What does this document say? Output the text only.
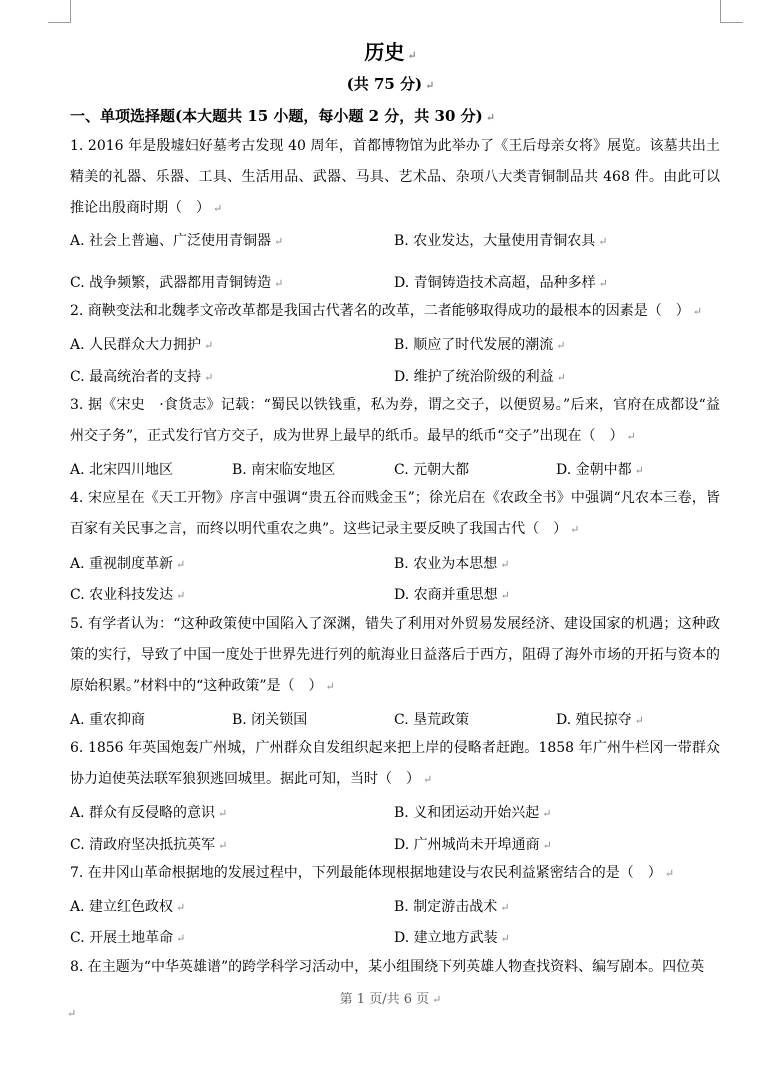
历史 ↵
(共 75 分) ↵
一、单项选择题(本大题共 15 小题，每小题 2 分，共 30 分) ↵
1. 2016 年是殷墟妇好墓考古发现 40 周年，首都博物馆为此举办了《王后母亲女将》展览。该墓共出土精美的礼器、乐器、工具、生活用品、武器、马具、艺术品、杂项八大类青铜制品共 468 件。由此可以推论出殷商时期（　） ↵
A. 社会上普遍、广泛使用青铜器 ↵	B. 农业发达，大量使用青铜农具 ↵
C. 战争频繁，武器都用青铜铸造 ↵	D. 青铜铸造技术高超，品种多样 ↵
2. 商鞅变法和北魏孝文帝改革都是我国古代著名的改革，二者能够取得成功的最根本的因素是（　） ↵
A. 人民群众大力拥护 ↵	B. 顺应了时代发展的潮流 ↵
C. 最高统治者的支持 ↵	D. 维护了统治阶级的利益 ↵
3. 据《宋史　·食货志》记载：“蜀民以铁钱重，私为券，谓之交子，以便贸易。”后来，官府在成都设“益州交子务”，正式发行官方交子，成为世界上最早的纸币。最早的纸币“交子”出现在（　） ↵
A. 北宋四川地区	B. 南宋临安地区	C. 元朝大都	D. 金朝中都 ↵
4. 宋应星在《天工开物》序言中强调“贵五谷而贱金玉”；徐光启在《农政全书》中强调“凡农本三卷，皆百家有关民事之言，而终以明代重农之典”。这些记录主要反映了我国古代（　） ↵
A. 重视制度革新 ↵	B. 农业为本思想 ↵
C. 农业科技发达 ↵	D. 农商并重思想 ↵
5. 有学者认为：“这种政策使中国陷入了深渊，错失了利用对外贸易发展经济、建设国家的机遇；这种政策的实行，导致了中国一度处于世界先进行列的航海业日益落后于西方，阻碍了海外市场的开拓与资本的原始积累。”材料中的“这种政策”是（　） ↵
A. 重农抑商	B. 闭关锁国	C. 垦荒政策	D. 殖民掠夺 ↵
6. 1856 年英国炮轰广州城，广州群众自发组织起来把上岸的侵略者赶跑。1858 年广州牛栏冈一带群众协力迫使英法联军狼狈逃回城里。据此可知，当时（　） ↵
A. 群众有反侵略的意识 ↵	B. 义和团运动开始兴起 ↵
C. 清政府坚决抵抗英军 ↵	D. 广州城尚未开埠通商 ↵
7. 在井冈山革命根据地的发展过程中，下列最能体现根据地建设与农民利益紧密结合的是（　） ↵
A. 建立红色政权 ↵	B. 制定游击战术 ↵
C. 开展土地革命 ↵	D. 建立地方武装 ↵
8. 在主题为“中华英雄谱”的跨学科学习活动中，某小组围绕下列英雄人物查找资料、编写剧本。四位英
第 1 页/共 6 页 ↵
↵
